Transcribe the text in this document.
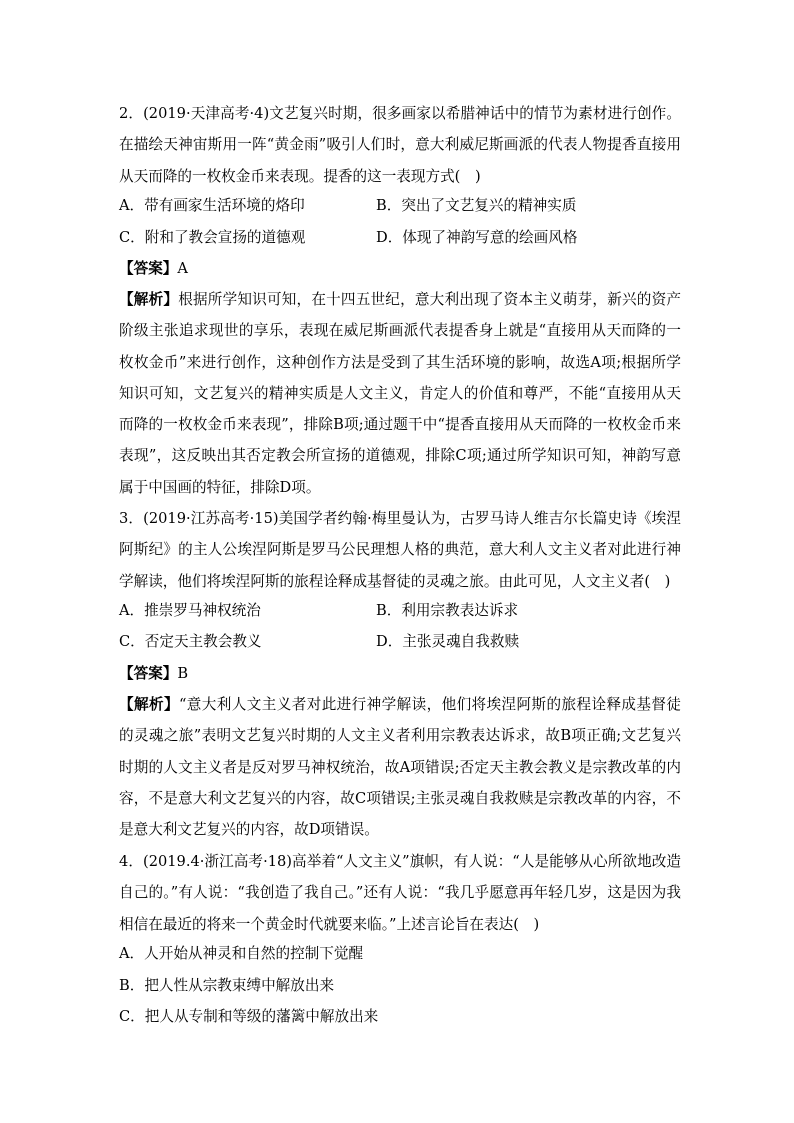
2．(2019·天津高考·4)文艺复兴时期，很多画家以希腊神话中的情节为素材进行创作。在描绘天神宙斯用一阵“黄金雨”吸引人们时，意大利威尼斯画派的代表人物提香直接用从天而降的一枚枚金币来表现。提香的这一表现方式(　)
A．带有画家生活环境的烙印	B．突出了文艺复兴的精神实质
C．附和了教会宣扬的道德观	D．体现了神韵写意的绘画风格
【答案】A
【解析】根据所学知识可知，在十四五世纪，意大利出现了资本主义萌芽，新兴的资产阶级主张追求现世的享乐，表现在威尼斯画派代表提香身上就是“直接用从天而降的一枚枚金币”来进行创作，这种创作方法是受到了其生活环境的影响，故选A项;根据所学知识可知，文艺复兴的精神实质是人文主义，肯定人的价值和尊严，不能“直接用从天而降的一枚枚金币来表现”，排除B项;通过题干中“提香直接用从天而降的一枚枚金币来表现”，这反映出其否定教会所宣扬的道德观，排除C项;通过所学知识可知，神韵写意属于中国画的特征，排除D项。
3．(2019·江苏高考·15)美国学者约翰·梅里曼认为，古罗马诗人维吉尔长篇史诗《埃涅阿斯纪》的主人公埃涅阿斯是罗马公民理想人格的典范，意大利人文主义者对此进行神学解读，他们将埃涅阿斯的旅程诠释成基督徒的灵魂之旅。由此可见，人文主义者(　)
A．推崇罗马神权统治	B．利用宗教表达诉求
C．否定天主教会教义	D．主张灵魂自我救赎
【答案】B
【解析】“意大利人文主义者对此进行神学解读，他们将埃涅阿斯的旅程诠释成基督徒的灵魂之旅”表明文艺复兴时期的人文主义者利用宗教表达诉求，故B项正确;文艺复兴时期的人文主义者是反对罗马神权统治，故A项错误;否定天主教会教义是宗教改革的内容，不是意大利文艺复兴的内容，故C项错误;主张灵魂自我救赎是宗教改革的内容，不是意大利文艺复兴的内容，故D项错误。
4．(2019.4·浙江高考·18)高举着“人文主义”旗帜，有人说：“人是能够从心所欲地改造自己的。”有人说：“我创造了我自己。”还有人说：“我几乎愿意再年轻几岁，这是因为我相信在最近的将来一个黄金时代就要来临。”上述言论旨在表达(　)
A．人开始从神灵和自然的控制下觉醒
B．把人性从宗教束缚中解放出来
C．把人从专制和等级的藩篱中解放出来
